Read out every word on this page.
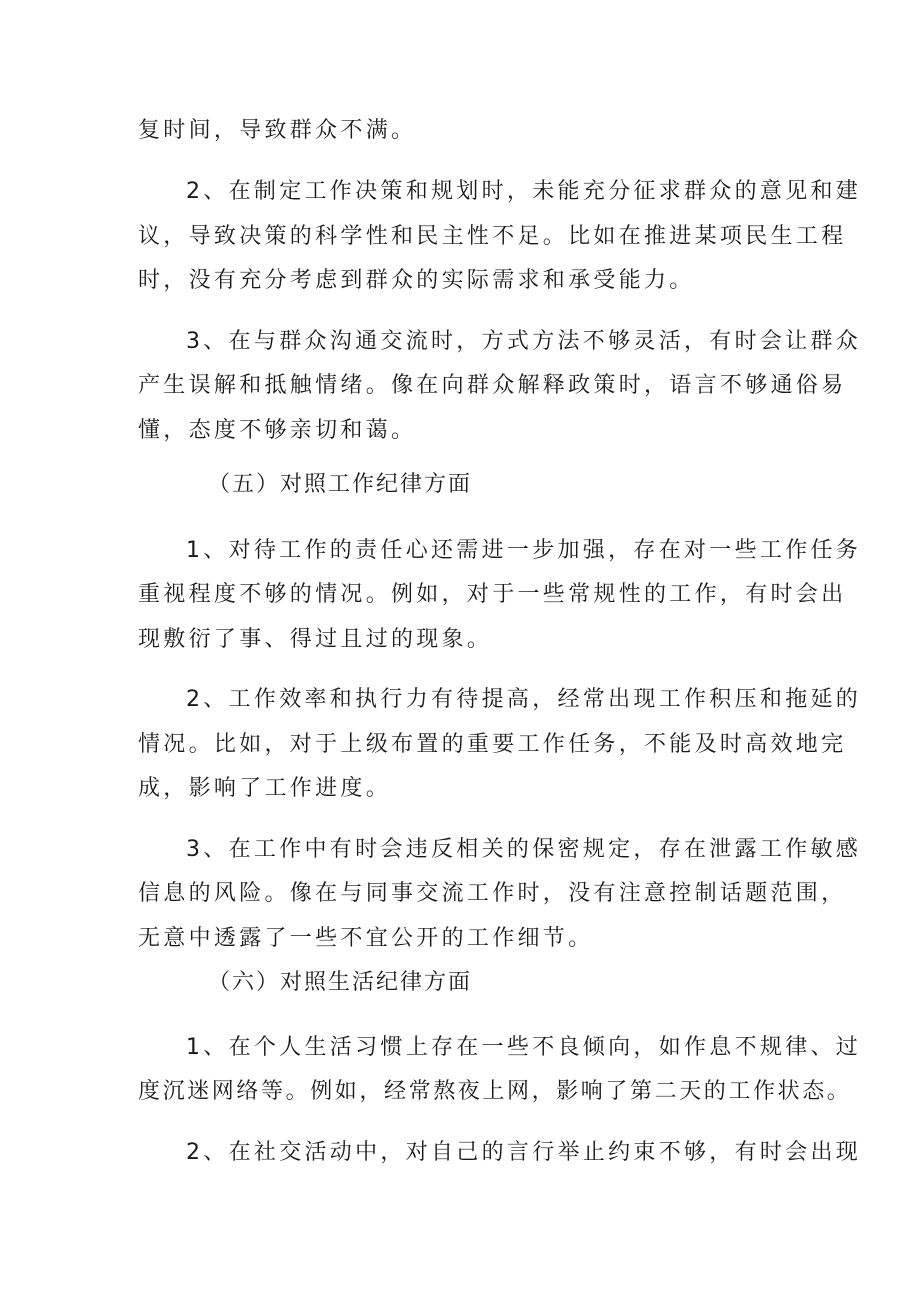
复时间，导致群众不满。
2、在制定工作决策和规划时，未能充分征求群众的意见和建
议，导致决策的科学性和民主性不足。比如在推进某项民生工程
时，没有充分考虑到群众的实际需求和承受能力。
3、在与群众沟通交流时，方式方法不够灵活，有时会让群众
产生误解和抵触情绪。像在向群众解释政策时，语言不够通俗易
懂，态度不够亲切和蔼。
（五）对照工作纪律方面
1、对待工作的责任心还需进一步加强，存在对一些工作任务
重视程度不够的情况。例如，对于一些常规性的工作，有时会出
现敷衍了事、得过且过的现象。
2、工作效率和执行力有待提高，经常出现工作积压和拖延的
情况。比如，对于上级布置的重要工作任务，不能及时高效地完
成，影响了工作进度。
3、在工作中有时会违反相关的保密规定，存在泄露工作敏感
信息的风险。像在与同事交流工作时，没有注意控制话题范围，
无意中透露了一些不宜公开的工作细节。
（六）对照生活纪律方面
1、在个人生活习惯上存在一些不良倾向，如作息不规律、过
度沉迷网络等。例如，经常熬夜上网，影响了第二天的工作状态。
2、在社交活动中，对自己的言行举止约束不够，有时会出现
